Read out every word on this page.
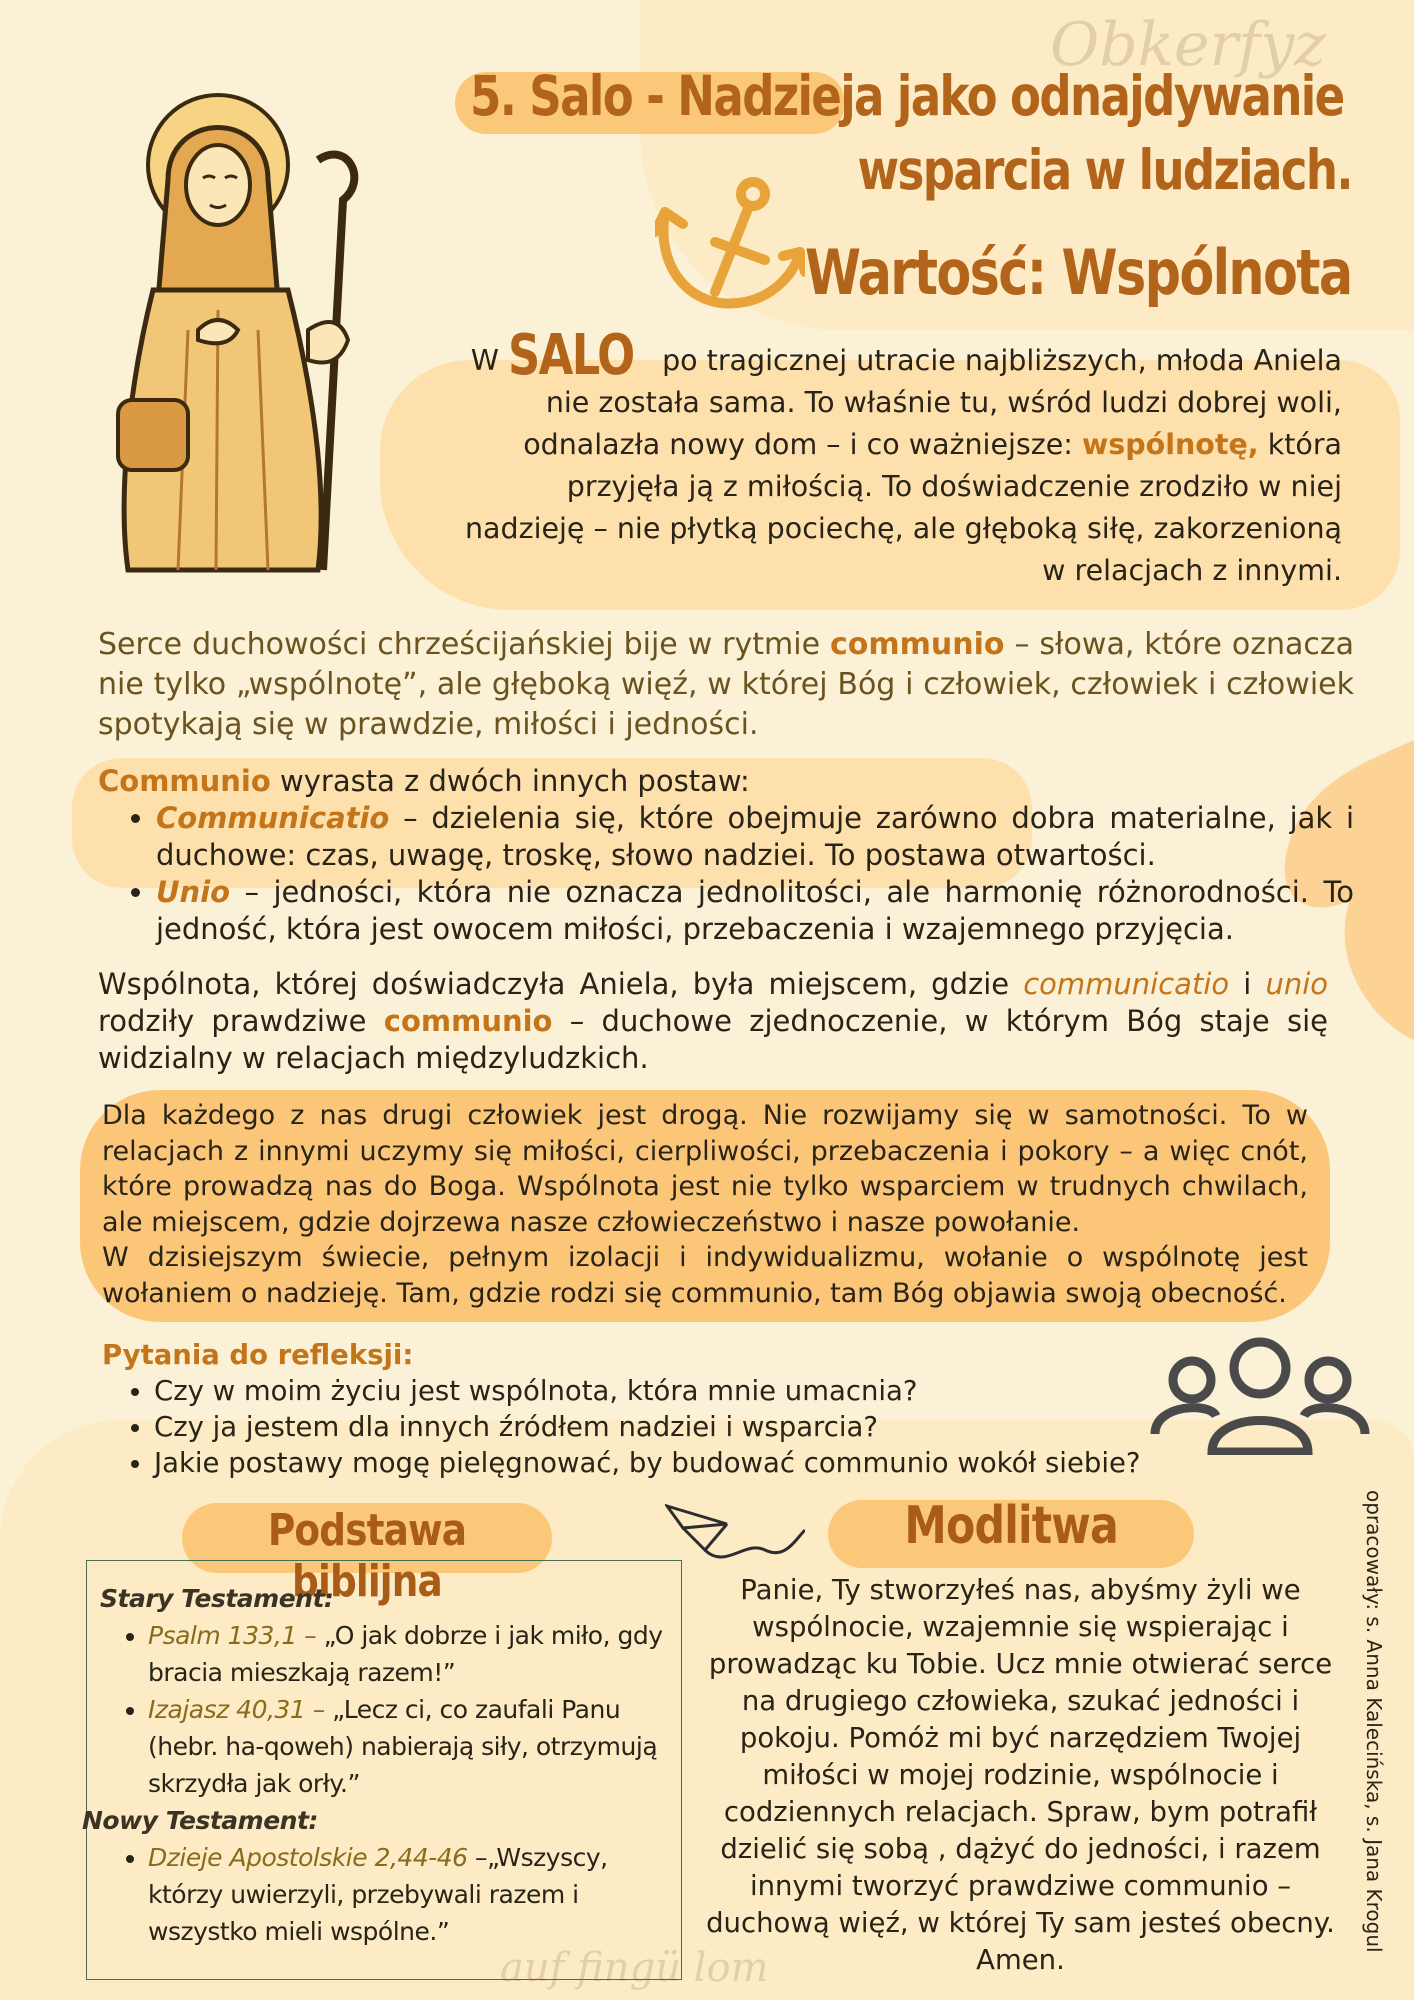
Obkerfyz
auf fingü lom
5. Salo - Nadzieja jako odnajdywanie
wsparcia w ludziach.
Wartość: Wspólnota
W SALO po tragicznej utracie najbliższych, młoda Aniela nie została sama. To właśnie tu, wśród ludzi dobrej woli, odnalazła nowy dom – i co ważniejsze: wspólnotę, która przyjęła ją z miłością. To doświadczenie zrodziło w niej nadzieję – nie płytką pociechę, ale głęboką siłę, zakorzenioną w relacjach z innymi.
Serce duchowości chrześcijańskiej bije w rytmie communio – słowa, które oznacza nie tylko „wspólnotę”, ale głęboką więź, w której Bóg i człowiek, człowiek i człowiek spotykają się w prawdzie, miłości i jedności.
Communio wyrasta z dwóch innych postaw:
• Communicatio – dzielenia się, które obejmuje zarówno dobra materialne, jak i duchowe: czas, uwagę, troskę, słowo nadziei. To postawa otwartości.
• Unio – jedności, która nie oznacza jednolitości, ale harmonię różnorodności. To jedność, która jest owocem miłości, przebaczenia i wzajemnego przyjęcia.
Wspólnota, której doświadczyła Aniela, była miejscem, gdzie communicatio i unio rodziły prawdziwe communio – duchowe zjednoczenie, w którym Bóg staje się widzialny w relacjach międzyludzkich.
Dla każdego z nas drugi człowiek jest drogą. Nie rozwijamy się w samotności. To w relacjach z innymi uczymy się miłości, cierpliwości, przebaczenia i pokory – a więc cnót, które prowadzą nas do Boga. Wspólnota jest nie tylko wsparciem w trudnych chwilach, ale miejscem, gdzie dojrzewa nasze człowieczeństwo i nasze powołanie.
W dzisiejszym świecie, pełnym izolacji i indywidualizmu, wołanie o wspólnotę jest wołaniem o nadzieję. Tam, gdzie rodzi się communio, tam Bóg objawia swoją obecność.
Pytania do refleksji:
• Czy w moim życiu jest wspólnota, która mnie umacnia?
• Czy ja jestem dla innych źródłem nadziei i wsparcia?
• Jakie postawy mogę pielęgnować, by budować communio wokół siebie?
Podstawa biblijna
Stary Testament:
• Psalm 133,1 – „O jak dobrze i jak miło, gdy bracia mieszkają razem!”
• Izajasz 40,31 – „Lecz ci, co zaufali Panu (hebr. ha-qoweh) nabierają siły, otrzymują skrzydła jak orły.”
Nowy Testament:
• Dzieje Apostolskie 2,44-46 –„Wszyscy, którzy uwierzyli, przebywali razem i wszystko mieli wspólne.”
Modlitwa
Panie, Ty stworzyłeś nas, abyśmy żyli we wspólnocie, wzajemnie się wspierając i prowadząc ku Tobie. Ucz mnie otwierać serce na drugiego człowieka, szukać jedności i pokoju. Pomóż mi być narzędziem Twojej miłości w mojej rodzinie, wspólnocie i codziennych relacjach. Spraw, bym potrafił dzielić się sobą , dążyć do jedności, i razem innymi tworzyć prawdziwe communio – duchową więź, w której Ty sam jesteś obecny. Amen.
opracowały: s. Anna Kalecińska, s. Jana Krogul
